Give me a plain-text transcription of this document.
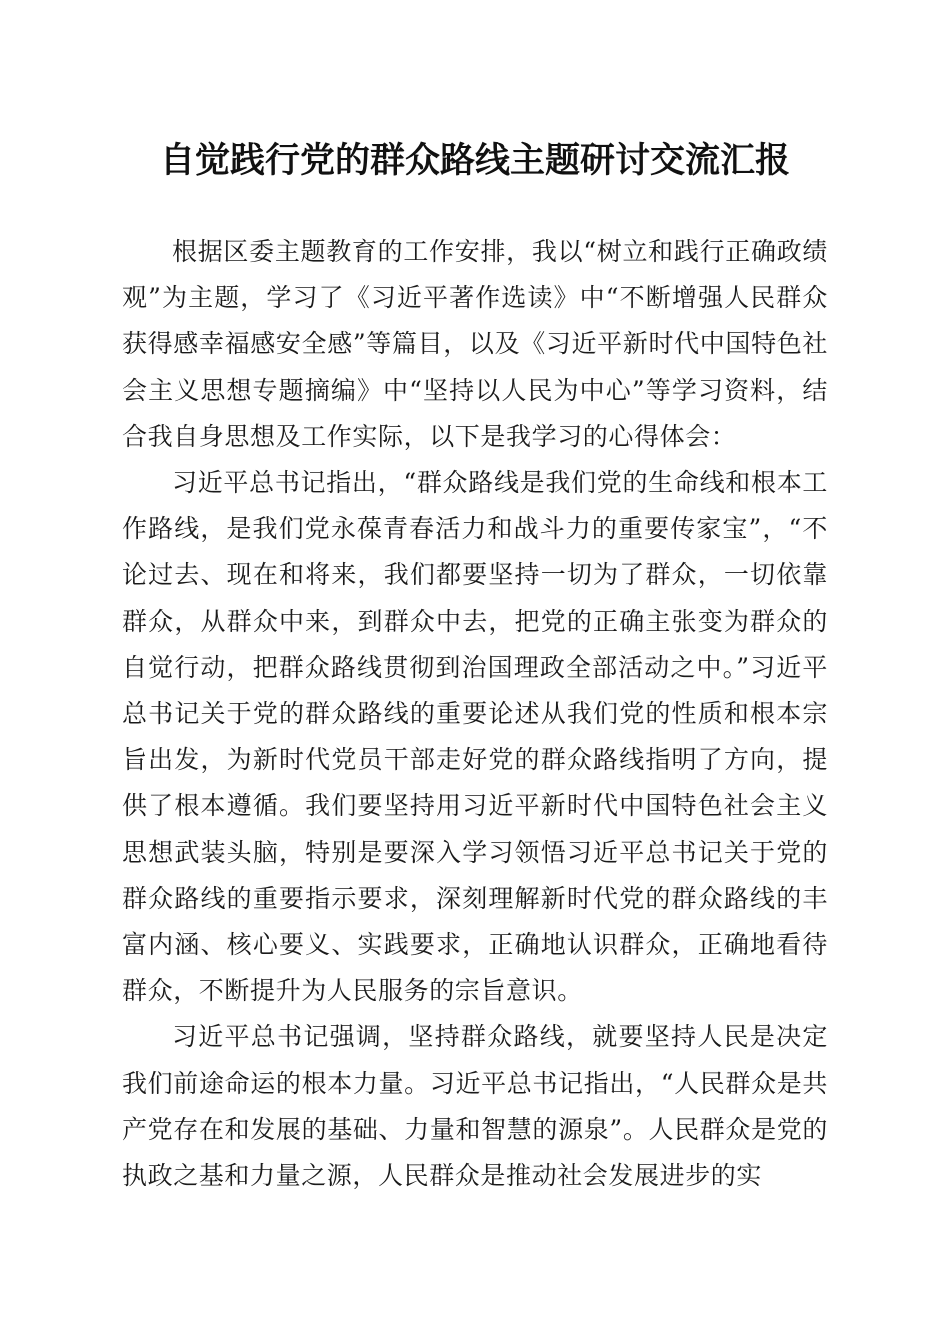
自觉践行党的群众路线主题研讨交流汇报

根据区委主题教育的工作安排，我以“树立和践行正确政绩观”为主题，学习了《习近平著作选读》中“不断增强人民群众获得感幸福感安全感”等篇目，以及《习近平新时代中国特色社会主义思想专题摘编》中“坚持以人民为中心”等学习资料，结合我自身思想及工作实际，以下是我学习的心得体会：

习近平总书记指出，“群众路线是我们党的生命线和根本工作路线，是我们党永葆青春活力和战斗力的重要传家宝”，“不论过去、现在和将来，我们都要坚持一切为了群众，一切依靠群众，从群众中来，到群众中去，把党的正确主张变为群众的自觉行动，把群众路线贯彻到治国理政全部活动之中。”习近平总书记关于党的群众路线的重要论述从我们党的性质和根本宗旨出发，为新时代党员干部走好党的群众路线指明了方向，提供了根本遵循。我们要坚持用习近平新时代中国特色社会主义思想武装头脑，特别是要深入学习领悟习近平总书记关于党的群众路线的重要指示要求，深刻理解新时代党的群众路线的丰富内涵、核心要义、实践要求，正确地认识群众，正确地看待群众，不断提升为人民服务的宗旨意识。

习近平总书记强调，坚持群众路线，就要坚持人民是决定我们前途命运的根本力量。习近平总书记指出，“人民群众是共产党存在和发展的基础、力量和智慧的源泉”。人民群众是党的执政之基和力量之源，人民群众是推动社会发展进步的实
